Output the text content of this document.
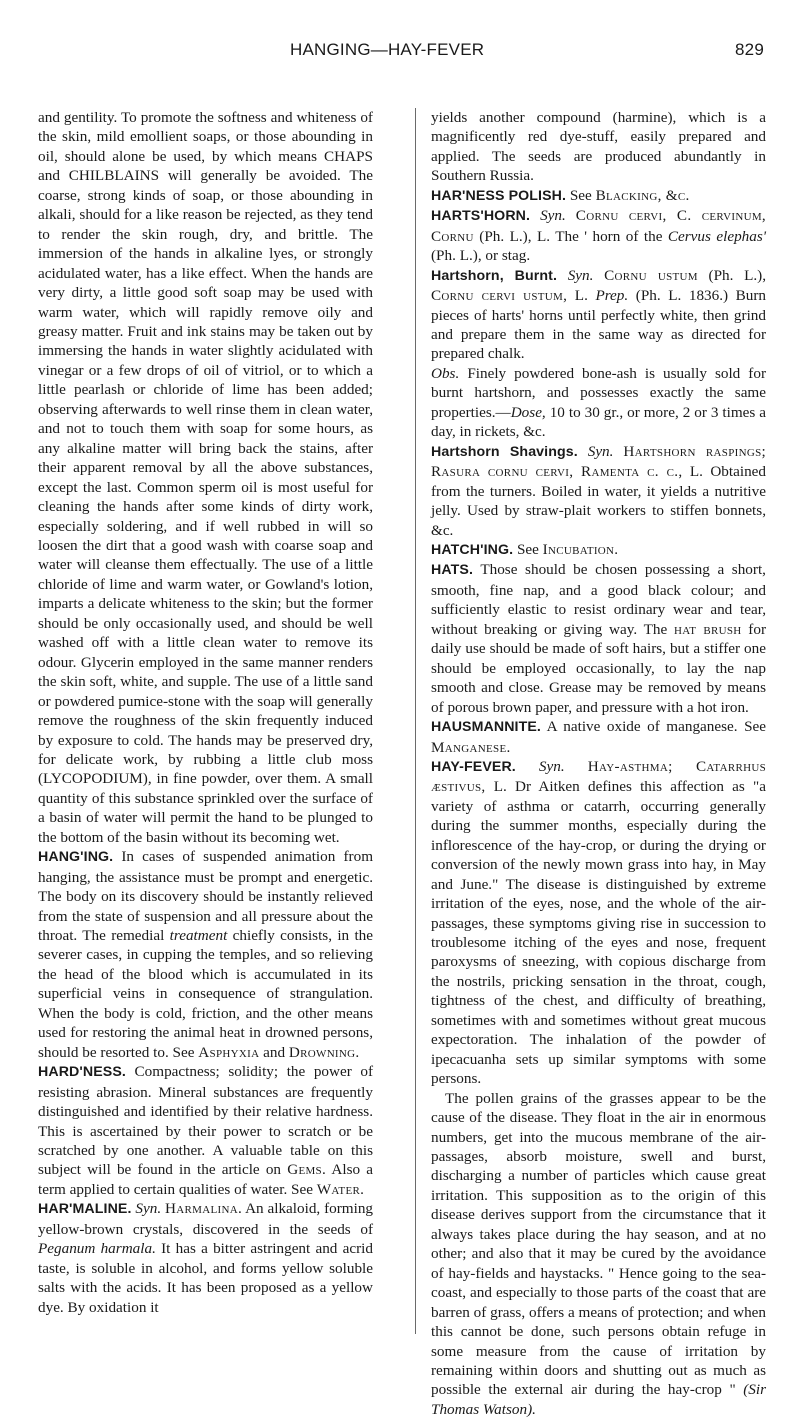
HANGING—HAY-FEVER	829

and gentility. To promote the softness and whiteness of the skin, mild emollient soaps, or those abounding in oil, should alone be used, by which means CHAPS and CHILBLAINS will generally be avoided. The coarse, strong kinds of soap, or those abounding in alkali, should for a like reason be rejected, as they tend to render the skin rough, dry, and brittle. The immersion of the hands in alkaline lyes, or strongly acidulated water, has a like effect. When the hands are very dirty, a little good soft soap may be used with warm water, which will rapidly remove oily and greasy matter. Fruit and ink stains may be taken out by immersing the hands in water slightly acidulated with vinegar or a few drops of oil of vitriol, or to which a little pearlash or chloride of lime has been added; observing afterwards to well rinse them in clean water, and not to touch them with soap for some hours, as any alkaline matter will bring back the stains, after their apparent removal by all the above substances, except the last. Common sperm oil is most useful for cleaning the hands after some kinds of dirty work, especially soldering, and if well rubbed in will so loosen the dirt that a good wash with coarse soap and water will cleanse them effectually. The use of a little chloride of lime and warm water, or Gowland's lotion, imparts a delicate whiteness to the skin; but the former should be only occasionally used, and should be well washed off with a little clean water to remove its odour. Glycerin employed in the same manner renders the skin soft, white, and supple. The use of a little sand or powdered pumice-stone with the soap will generally remove the roughness of the skin frequently induced by exposure to cold. The hands may be preserved dry, for delicate work, by rubbing a little club moss (LYCOPODIUM), in fine powder, over them. A small quantity of this substance sprinkled over the surface of a basin of water will permit the hand to be plunged to the bottom of the basin without its becoming wet.

HANG'ING. In cases of suspended animation from hanging, the assistance must be prompt and energetic. The body on its discovery should be instantly relieved from the state of suspension and all pressure about the throat. The remedial treatment chiefly consists, in the severer cases, in cupping the temples, and so relieving the head of the blood which is accumulated in its superficial veins in consequence of strangulation. When the body is cold, friction, and the other means used for restoring the animal heat in drowned persons, should be resorted to. See Asphyxia and Drowning.

HARD'NESS. Compactness; solidity; the power of resisting abrasion. Mineral substances are frequently distinguished and identified by their relative hardness. This is ascertained by their power to scratch or be scratched by one another. A valuable table on this subject will be found in the article on Gems. Also a term applied to certain qualities of water. See Water.

HAR'MALINE. Syn. Harmalina. An alkaloid, forming yellow-brown crystals, discovered in the seeds of Peganum harmala. It has a bitter astringent and acrid taste, is soluble in alcohol, and forms yellow soluble salts with the acids. It has been proposed as a yellow dye. By oxidation it

yields another compound (harmine), which is a magnificently red dye-stuff, easily prepared and applied. The seeds are produced abundantly in Southern Russia.

HAR'NESS POLISH. See Blacking, &c.

HARTS'HORN. Syn. Cornu cervi, C. cervinum, Cornu (Ph. L.), L. The ' horn of the Cervus elephas' (Ph. L.), or stag.

Hartshorn, Burnt. Syn. Cornu ustum (Ph. L.), Cornu cervi ustum, L. Prep. (Ph. L. 1836.) Burn pieces of harts' horns until perfectly white, then grind and prepare them in the same way as directed for prepared chalk.

Obs. Finely powdered bone-ash is usually sold for burnt hartshorn, and possesses exactly the same properties.—Dose, 10 to 30 gr., or more, 2 or 3 times a day, in rickets, &c.

Hartshorn Shavings. Syn. Hartshorn raspings; Rasura cornu cervi, Ramenta c. c., L. Obtained from the turners. Boiled in water, it yields a nutritive jelly. Used by straw-plait workers to stiffen bonnets, &c.

HATCH'ING. See Incubation.

HATS. Those should be chosen possessing a short, smooth, fine nap, and a good black colour; and sufficiently elastic to resist ordinary wear and tear, without breaking or giving way. The hat brush for daily use should be made of soft hairs, but a stiffer one should be employed occasionally, to lay the nap smooth and close. Grease may be removed by means of porous brown paper, and pressure with a hot iron.

HAUSMANNITE. A native oxide of manganese. See Manganese.

HAY-FEVER. Syn. Hay-asthma; Catarrhus æstivus, L. Dr Aitken defines this affection as "a variety of asthma or catarrh, occurring generally during the summer months, especially during the inflorescence of the hay-crop, or during the drying or conversion of the newly mown grass into hay, in May and June." The disease is distinguished by extreme irritation of the eyes, nose, and the whole of the air-passages, these symptoms giving rise in succession to troublesome itching of the eyes and nose, frequent paroxysms of sneezing, with copious discharge from the nostrils, pricking sensation in the throat, cough, tightness of the chest, and difficulty of breathing, sometimes with and sometimes without great mucous expectoration. The inhalation of the powder of ipecacuanha sets up similar symptoms with some persons.

The pollen grains of the grasses appear to be the cause of the disease. They float in the air in enormous numbers, get into the mucous membrane of the air-passages, absorb moisture, swell and burst, discharging a number of particles which cause great irritation. This supposition as to the origin of this disease derives support from the circumstance that it always takes place during the hay season, and at no other; and also that it may be cured by the avoidance of hay-fields and haystacks. " Hence going to the sea-coast, and especially to those parts of the coast that are barren of grass, offers a means of protection; and when this cannot be done, such persons obtain refuge in some measure from the cause of irritation by remaining within doors and shutting out as much as possible the external air during the hay-crop " (Sir Thomas Watson).
